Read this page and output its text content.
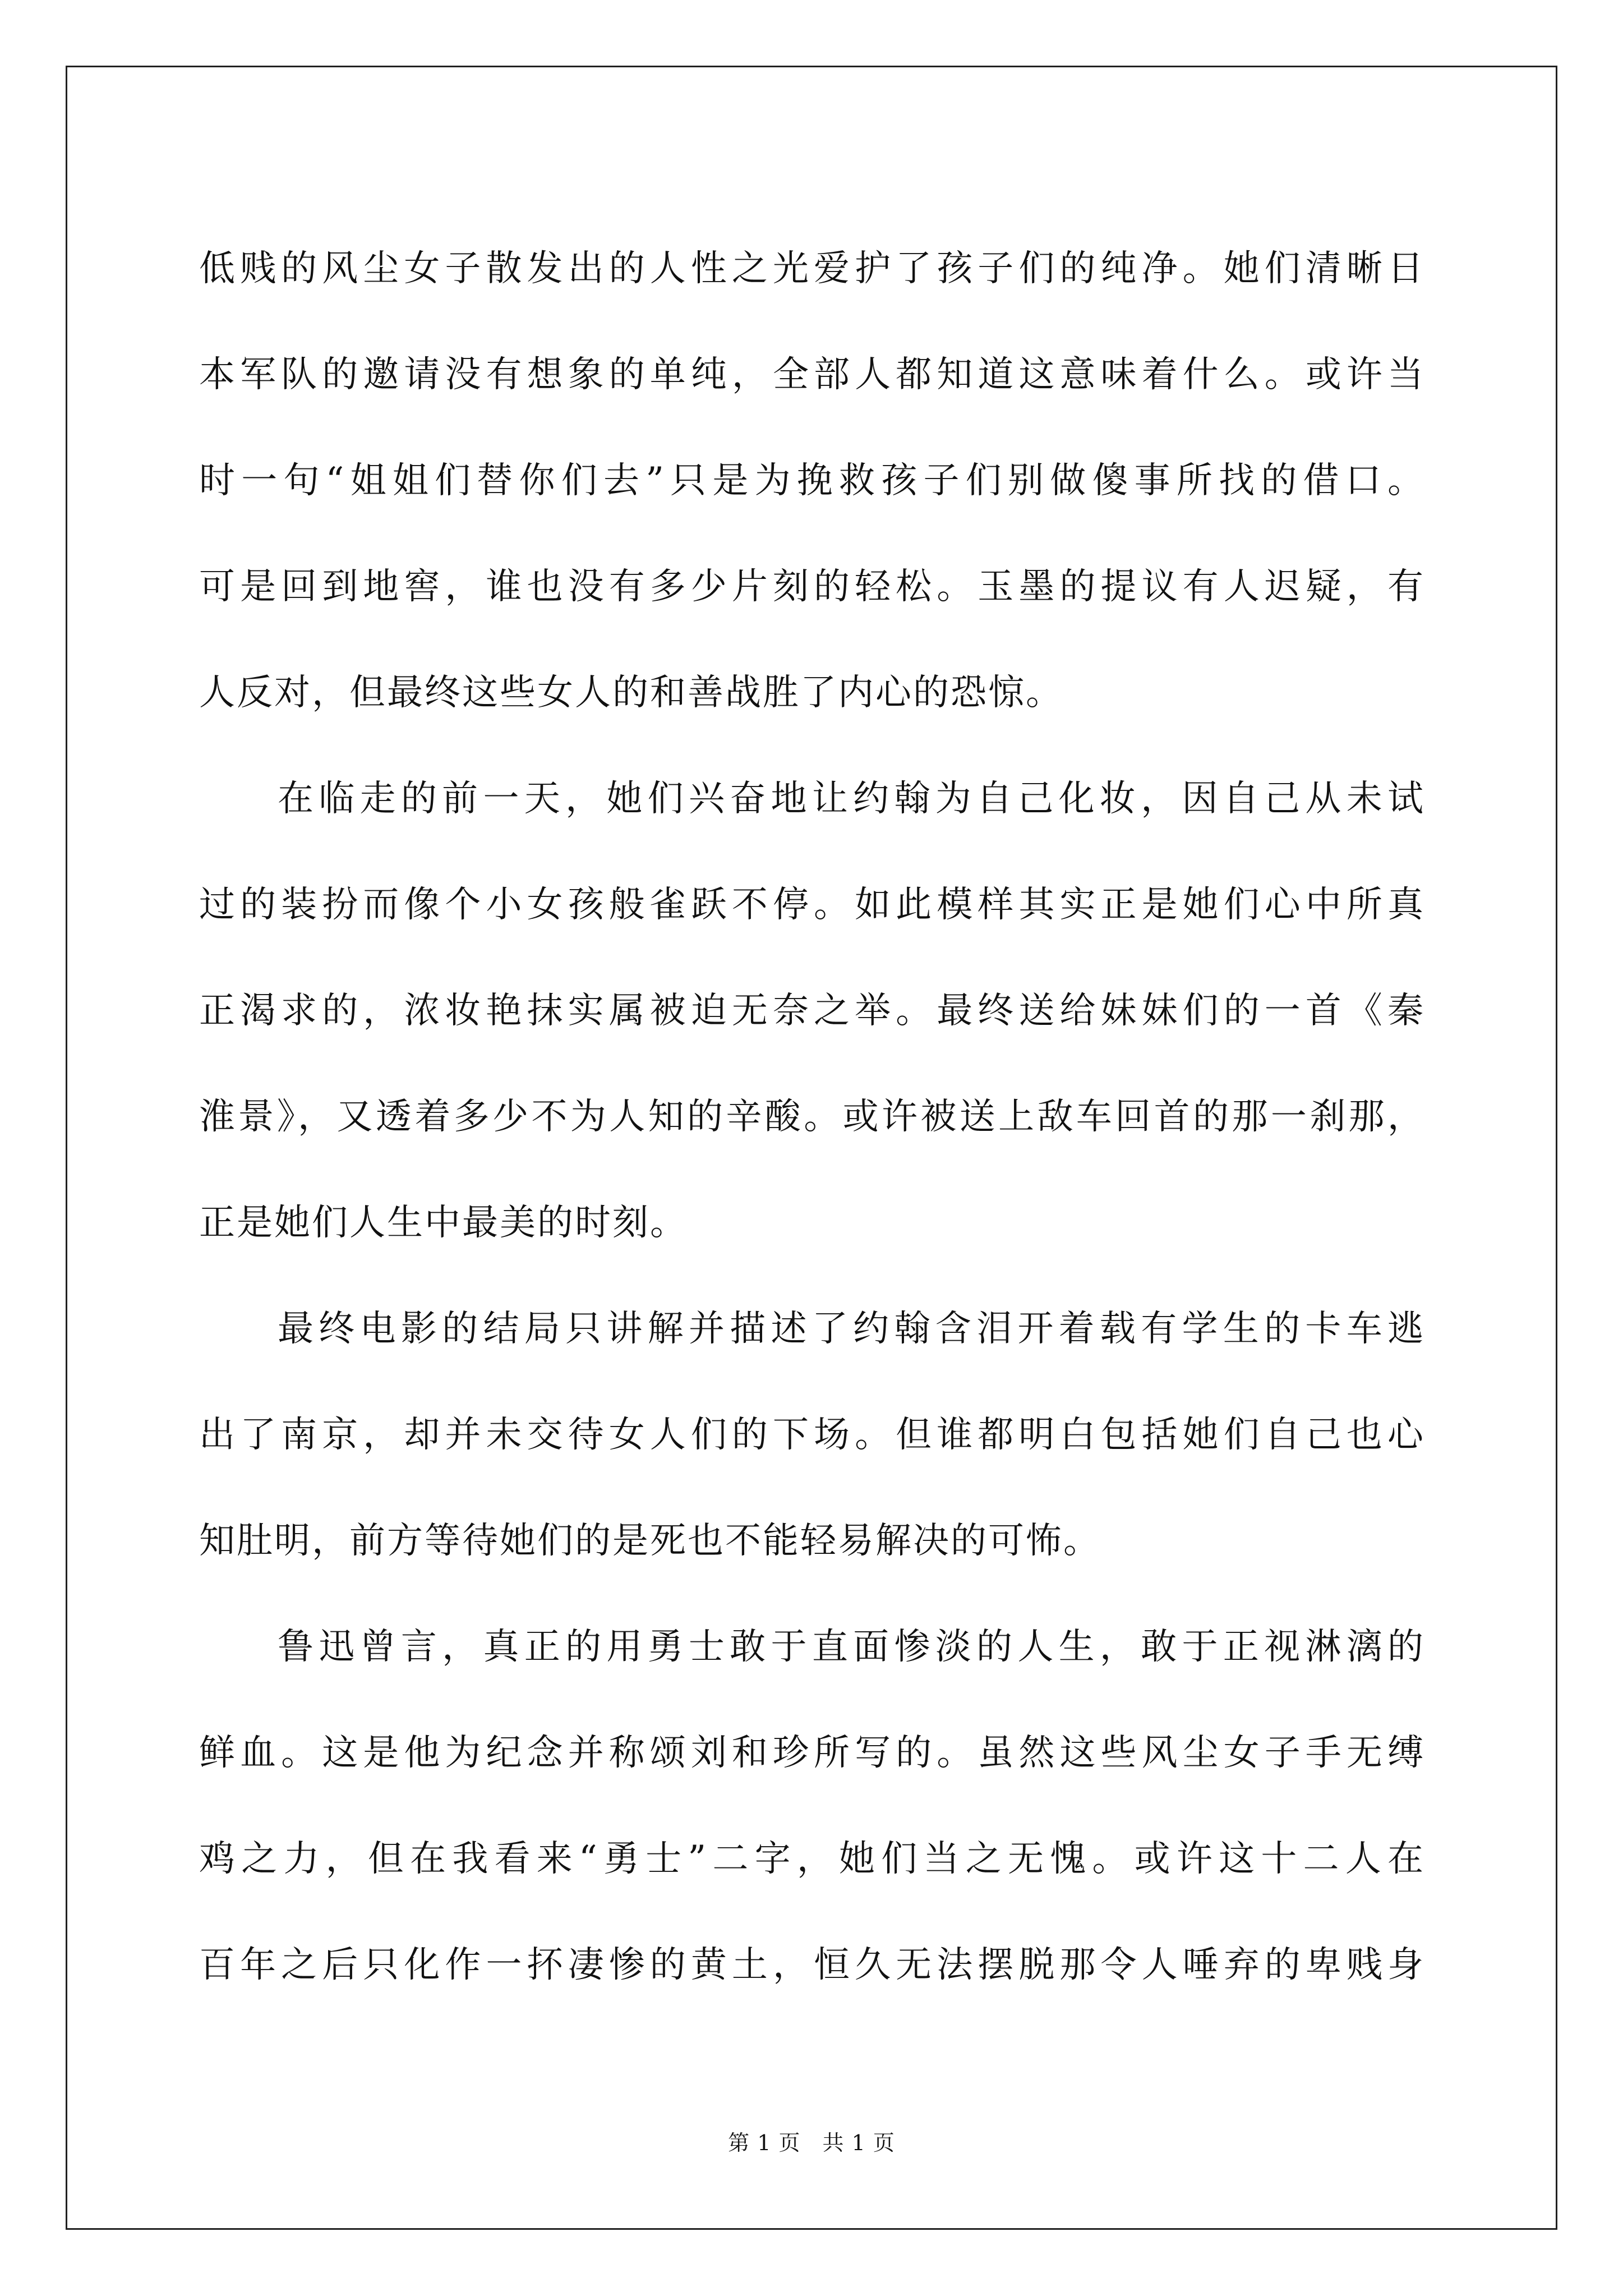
低贱的风尘女子散发出的人性之光爱护了孩子们的纯净。她们清晰日
本军队的邀请没有想象的单纯，全部人都知道这意味着什么。或许当
时一句“姐姐们替你们去”只是为挽救孩子们别做傻事所找的借口。
可是回到地窖，谁也没有多少片刻的轻松。玉墨的提议有人迟疑，有
人反对，但最终这些女人的和善战胜了内心的恐惊。

在临走的前一天，她们兴奋地让约翰为自己化妆，因自己从未试
过的装扮而像个小女孩般雀跃不停。如此模样其实正是她们心中所真
正渴求的，浓妆艳抹实属被迫无奈之举。最终送给妹妹们的一首《秦
淮景》，又透着多少不为人知的辛酸。或许被送上敌车回首的那一刹那，
正是她们人生中最美的时刻。

最终电影的结局只讲解并描述了约翰含泪开着载有学生的卡车逃
出了南京，却并未交待女人们的下场。但谁都明白包括她们自己也心
知肚明，前方等待她们的是死也不能轻易解决的可怖。

鲁迅曾言，真正的用勇士敢于直面惨淡的人生，敢于正视淋漓的
鲜血。这是他为纪念并称颂刘和珍所写的。虽然这些风尘女子手无缚
鸡之力，但在我看来“勇士”二字，她们当之无愧。或许这十二人在
百年之后只化作一抔凄惨的黄土，恒久无法摆脱那令人唾弃的卑贱身

第 1 页　共 1 页
